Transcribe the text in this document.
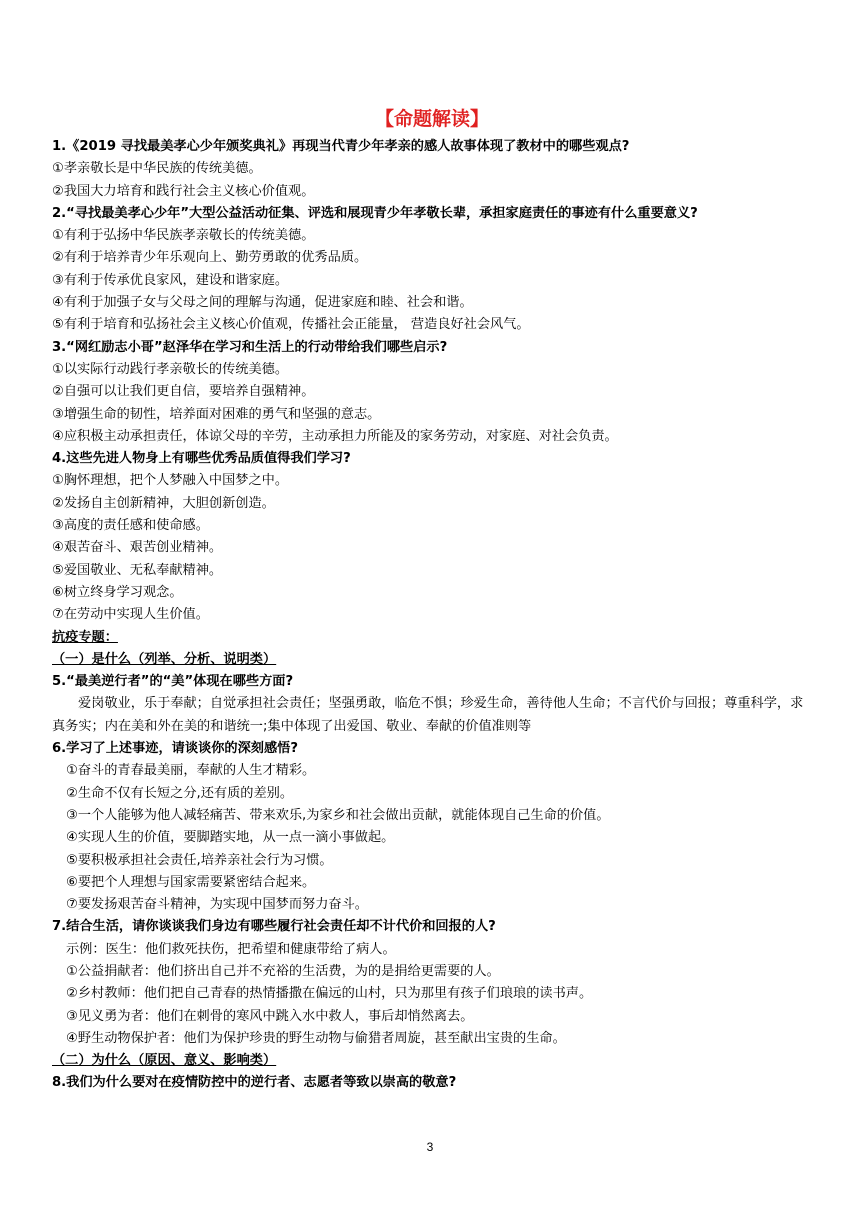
【命题解读】
1.《2019 寻找最美孝心少年颁奖典礼》再现当代青少年孝亲的感人故事体现了教材中的哪些观点?
①孝亲敬长是中华民族的传统美德。
②我国大力培育和践行社会主义核心价值观。
2.“寻找最美孝心少年”大型公益活动征集、评选和展现青少年孝敬长辈，承担家庭责任的事迹有什么重要意义?
①有利于弘扬中华民族孝亲敬长的传统美德。
②有利于培养青少年乐观向上、勤劳勇敢的优秀品质。
③有利于传承优良家风，建设和谐家庭。
④有利于加强子女与父母之间的理解与沟通，促进家庭和睦、社会和谐。
⑤有利于培育和弘扬社会主义核心价值观，传播社会正能量， 营造良好社会风气。
3.“网红励志小哥”赵泽华在学习和生活上的行动带给我们哪些启示?
①以实际行动践行孝亲敬长的传统美德。
②自强可以让我们更自信，要培养自强精神。
③增强生命的韧性，培养面对困难的勇气和坚强的意志。
④应积极主动承担责任，体谅父母的辛劳，主动承担力所能及的家务劳动，对家庭、对社会负责。
4.这些先进人物身上有哪些优秀品质值得我们学习?
①胸怀理想，把个人梦融入中国梦之中。
②发扬自主创新精神，大胆创新创造。
③高度的责任感和使命感。
④艰苦奋斗、艰苦创业精神。
⑤爱国敬业、无私奉献精神。
⑥树立终身学习观念。
⑦在劳动中实现人生价值。
抗疫专题：
（一）是什么（列举、分析、说明类）
5.“最美逆行者”的“美”体现在哪些方面?
爱岗敬业，乐于奉献；自觉承担社会责任；坚强勇敢，临危不惧；珍爱生命，善待他人生命；不言代价与回报；尊重科学，求真务实；内在美和外在美的和谐统一;集中体现了出爱国、敬业、奉献的价值准则等
6.学习了上述事迹，请谈谈你的深刻感悟?
①奋斗的青春最美丽，奉献的人生才精彩。
②生命不仅有长短之分,还有质的差别。
③一个人能够为他人减轻痛苦、带来欢乐,为家乡和社会做出贡献，就能体现自己生命的价值。
④实现人生的价值，要脚踏实地，从一点一滴小事做起。
⑤要积极承担社会责任,培养亲社会行为习惯。
⑥要把个人理想与国家需要紧密结合起来。
⑦要发扬艰苦奋斗精神，为实现中国梦而努力奋斗。
7.结合生活，请你谈谈我们身边有哪些履行社会责任却不计代价和回报的人?
示例：医生：他们救死扶伤，把希望和健康带给了病人。
①公益捐献者：他们挤出自己并不充裕的生活费，为的是捐给更需要的人。
②乡村教师：他们把自己青春的热情播撒在偏远的山村，只为那里有孩子们琅琅的读书声。
③见义勇为者：他们在刺骨的寒风中跳入水中救人，事后却悄然离去。
④野生动物保护者：他们为保护珍贵的野生动物与偷猎者周旋，甚至献出宝贵的生命。
（二）为什么（原因、意义、影响类）
8.我们为什么要对在疫情防控中的逆行者、志愿者等致以崇高的敬意?
3
